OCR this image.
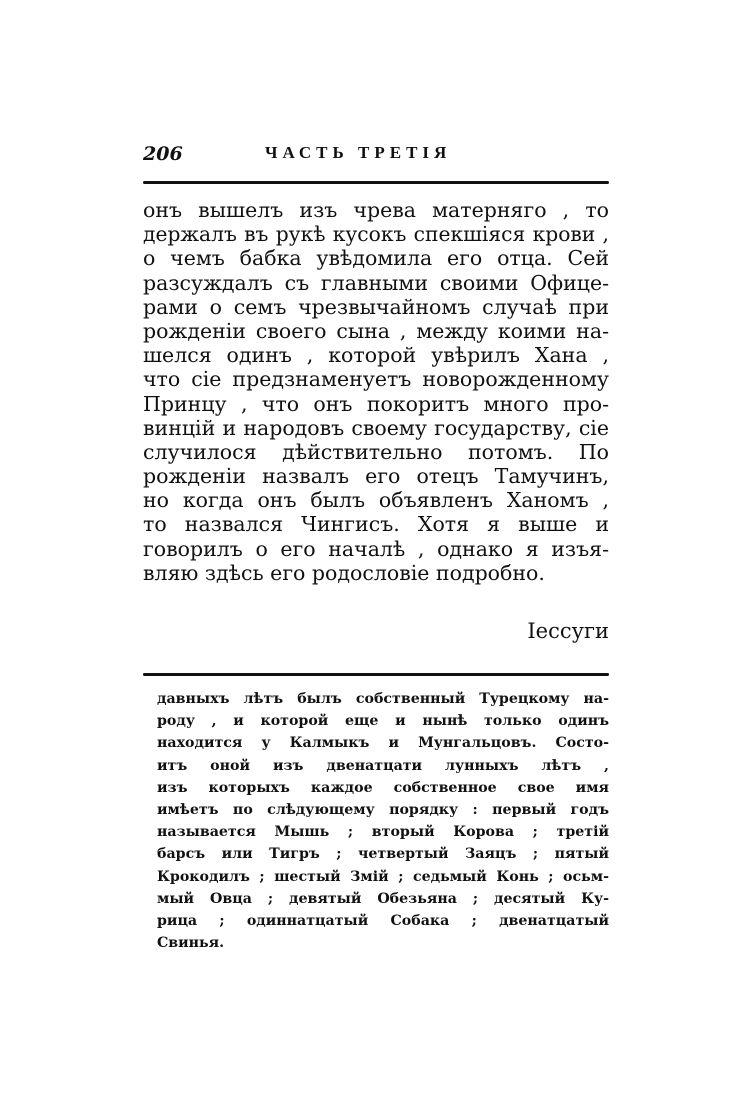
206	ЧАСТЬ ТРЕТІЯ
онъ вышелъ изъ чрева матерняго , то
держалъ въ рукѣ кусокъ спекшіяся крови ,
о чемъ бабка увѣдомила его отца. Сей
разсуждалъ съ главными своими Офице-
рами о семъ чрезвычайномъ случаѣ при
рожденіи своего сына , между коими на-
шелся одинъ , которой увѣрилъ Хана ,
что сіе предзнаменуетъ новорожденному
Принцу , что онъ покоритъ много про-
винцій и народовъ своему государству, сіе
случилося дѣйствительно потомъ. По
рожденіи назвалъ его отецъ Тамучинъ,
но когда онъ былъ объявленъ Ханомъ ,
то назвался Чингисъ. Хотя я выше и
говорилъ о его началѣ , однако я изъя-
вляю здѣсь его родословіе подробно.
Іессуги
давныхъ лѣтъ былъ собственный Турецкому на-
роду , и которой еще и нынѣ только одинъ
находится у Калмыкъ и Мунгальцовъ. Состо-
итъ оной изъ двенатцати лунныхъ лѣтъ ,
изъ которыхъ каждое собственное свое имя
имѣетъ по слѣдующему порядку : первый годъ
называется Мышь ; вторый Корова ; третій
барсъ или Тигръ ; четвертый Заяцъ ; пятый
Крокодилъ ; шестый Змій ; седьмый Конь ; осьм-
мый Овца ; девятый Обезьяна ; десятый Ку-
рица ; одиннатцатый Собака ; двенатцатый
Свинья.
